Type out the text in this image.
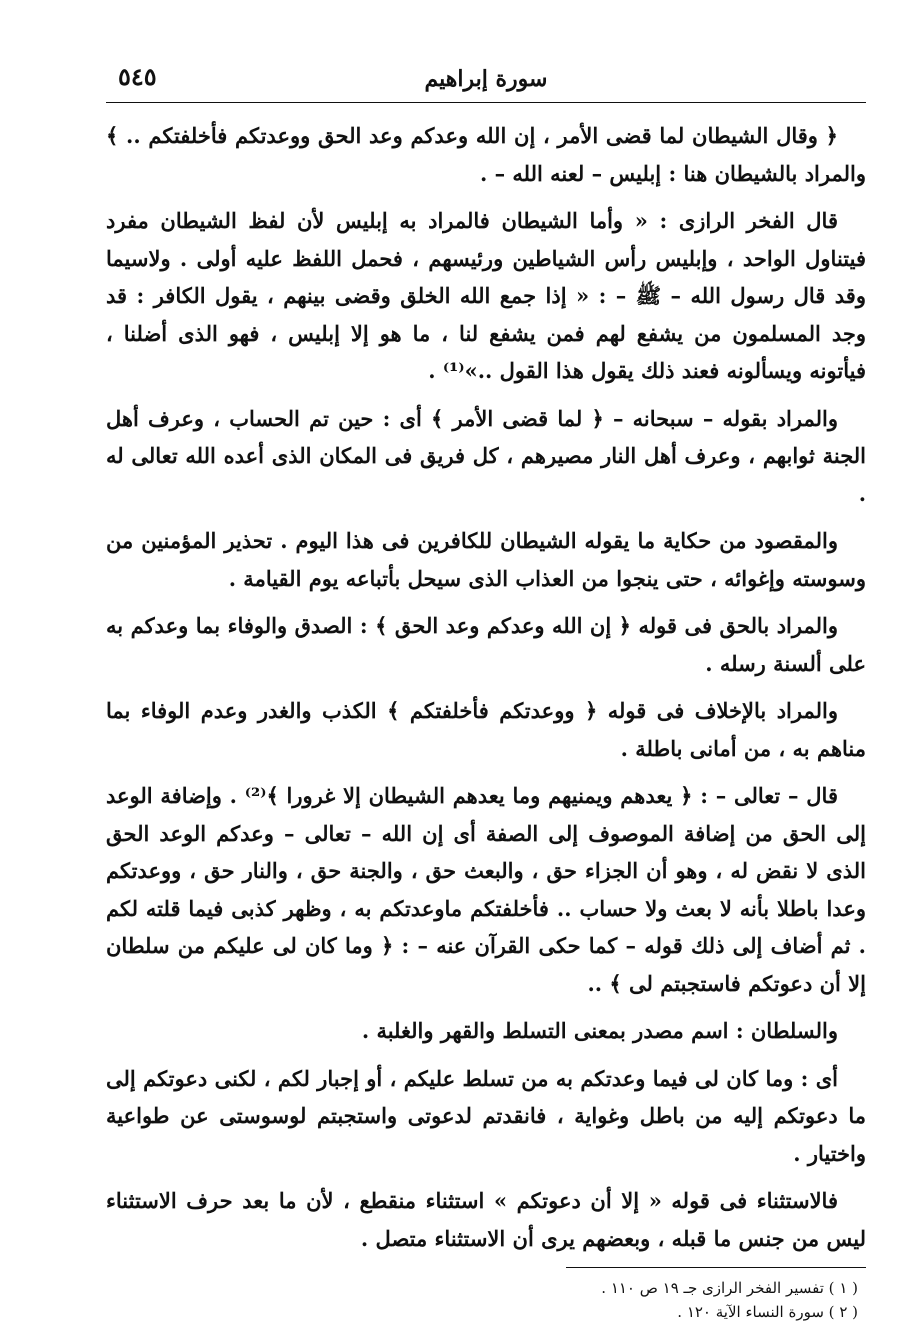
٥٤٥	سورة إبراهيم

﴿ وقال الشيطان لما قضى الأمر ، إن الله وعدكم وعد الحق ووعدتكم فأخلفتكم .. ﴾ والمراد بالشيطان هنا : إبليس – لعنه الله – .

قال الفخر الرازى : « وأما الشيطان فالمراد به إبليس لأن لفظ الشيطان مفرد فيتناول الواحد ، وإبليس رأس الشياطين ورئيسهم ، فحمل اللفظ عليه أولى . ولاسيما وقد قال رسول الله – ﷺ – : « إذا جمع الله الخلق وقضى بينهم ، يقول الكافر : قد وجد المسلمون من يشفع لهم فمن يشفع لنا ، ما هو إلا إبليس ، فهو الذى أضلنا ، فيأتونه ويسألونه فعند ذلك يقول هذا القول ..»⁽¹⁾ .

والمراد بقوله – سبحانه – ﴿ لما قضى الأمر ﴾ أى : حين تم الحساب ، وعرف أهل الجنة ثوابهم ، وعرف أهل النار مصيرهم ، كل فريق فى المكان الذى أعده الله تعالى له .

والمقصود من حكاية ما يقوله الشيطان للكافرين فى هذا اليوم . تحذير المؤمنين من وسوسته وإغوائه ، حتى ينجوا من العذاب الذى سيحل بأتباعه يوم القيامة .

والمراد بالحق فى قوله ﴿ إن الله وعدكم وعد الحق ﴾ : الصدق والوفاء بما وعدكم به على ألسنة رسله .

والمراد بالإخلاف فى قوله ﴿ ووعدتكم فأخلفتكم ﴾ الكذب والغدر وعدم الوفاء بما مناهم به ، من أمانى باطلة .

قال – تعالى – : ﴿ يعدهم ويمنيهم وما يعدهم الشيطان إلا غرورا ﴾⁽²⁾ . وإضافة الوعد إلى الحق من إضافة الموصوف إلى الصفة أى إن الله – تعالى – وعدكم الوعد الحق الذى لا نقض له ، وهو أن الجزاء حق ، والبعث حق ، والجنة حق ، والنار حق ، ووعدتكم وعدا باطلا بأنه لا بعث ولا حساب .. فأخلفتكم ماوعدتكم به ، وظهر كذبى فيما قلته لكم . ثم أضاف إلى ذلك قوله – كما حكى القرآن عنه – : ﴿ وما كان لى عليكم من سلطان إلا أن دعوتكم فاستجبتم لى ﴾ ..

والسلطان : اسم مصدر بمعنى التسلط والقهر والغلبة .

أى : وما كان لى فيما وعدتكم به من تسلط عليكم ، أو إجبار لكم ، لكنى دعوتكم إلى ما دعوتكم إليه من باطل وغواية ، فانقدتم لدعوتى واستجبتم لوسوستى عن طواعية واختيار .

فالاستثناء فى قوله « إلا أن دعوتكم » استثناء منقطع ، لأن ما بعد حرف الاستثناء ليس من جنس ما قبله ، وبعضهم يرى أن الاستثناء متصل .

( ١ ) تفسير الفخر الرازى جـ ١٩ ص ١١٠ .
( ٢ ) سورة النساء الآية ١٢٠ .
